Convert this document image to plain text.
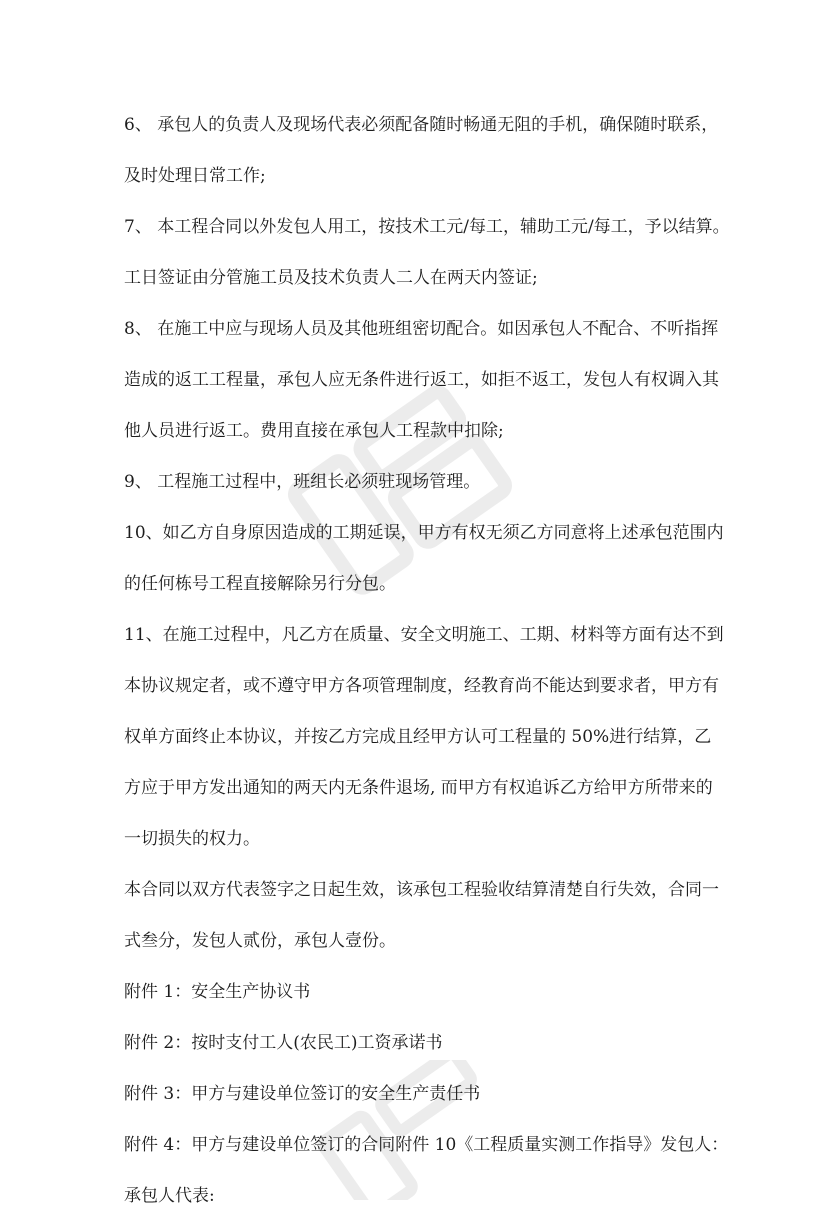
6、 承包人的负责人及现场代表必须配备随时畅通无阻的手机，确保随时联系，
及时处理日常工作;
7、 本工程合同以外发包人用工，按技术工元/每工，辅助工元/每工，予以结算。
工日签证由分管施工员及技术负责人二人在两天内签证;
8、 在施工中应与现场人员及其他班组密切配合。如因承包人不配合、不听指挥
造成的返工工程量，承包人应无条件进行返工，如拒不返工，发包人有权调入其
他人员进行返工。费用直接在承包人工程款中扣除;
9、 工程施工过程中，班组长必须驻现场管理。
10、如乙方自身原因造成的工期延误，甲方有权无须乙方同意将上述承包范围内
的任何栋号工程直接解除另行分包。
11、在施工过程中，凡乙方在质量、安全文明施工、工期、材料等方面有达不到
本协议规定者，或不遵守甲方各项管理制度，经教育尚不能达到要求者，甲方有
权单方面终止本协议，并按乙方完成且经甲方认可工程量的 50%进行结算，乙
方应于甲方发出通知的两天内无条件退场, 而甲方有权追诉乙方给甲方所带来的
一切损失的权力。
本合同以双方代表签字之日起生效，该承包工程验收结算清楚自行失效，合同一
式叁分，发包人贰份，承包人壹份。
附件 1：安全生产协议书
附件 2：按时支付工人(农民工)工资承诺书
附件 3：甲方与建设单位签订的安全生产责任书
附件 4：甲方与建设单位签订的合同附件 10《工程质量实测工作指导》发包人：
承包人代表:
